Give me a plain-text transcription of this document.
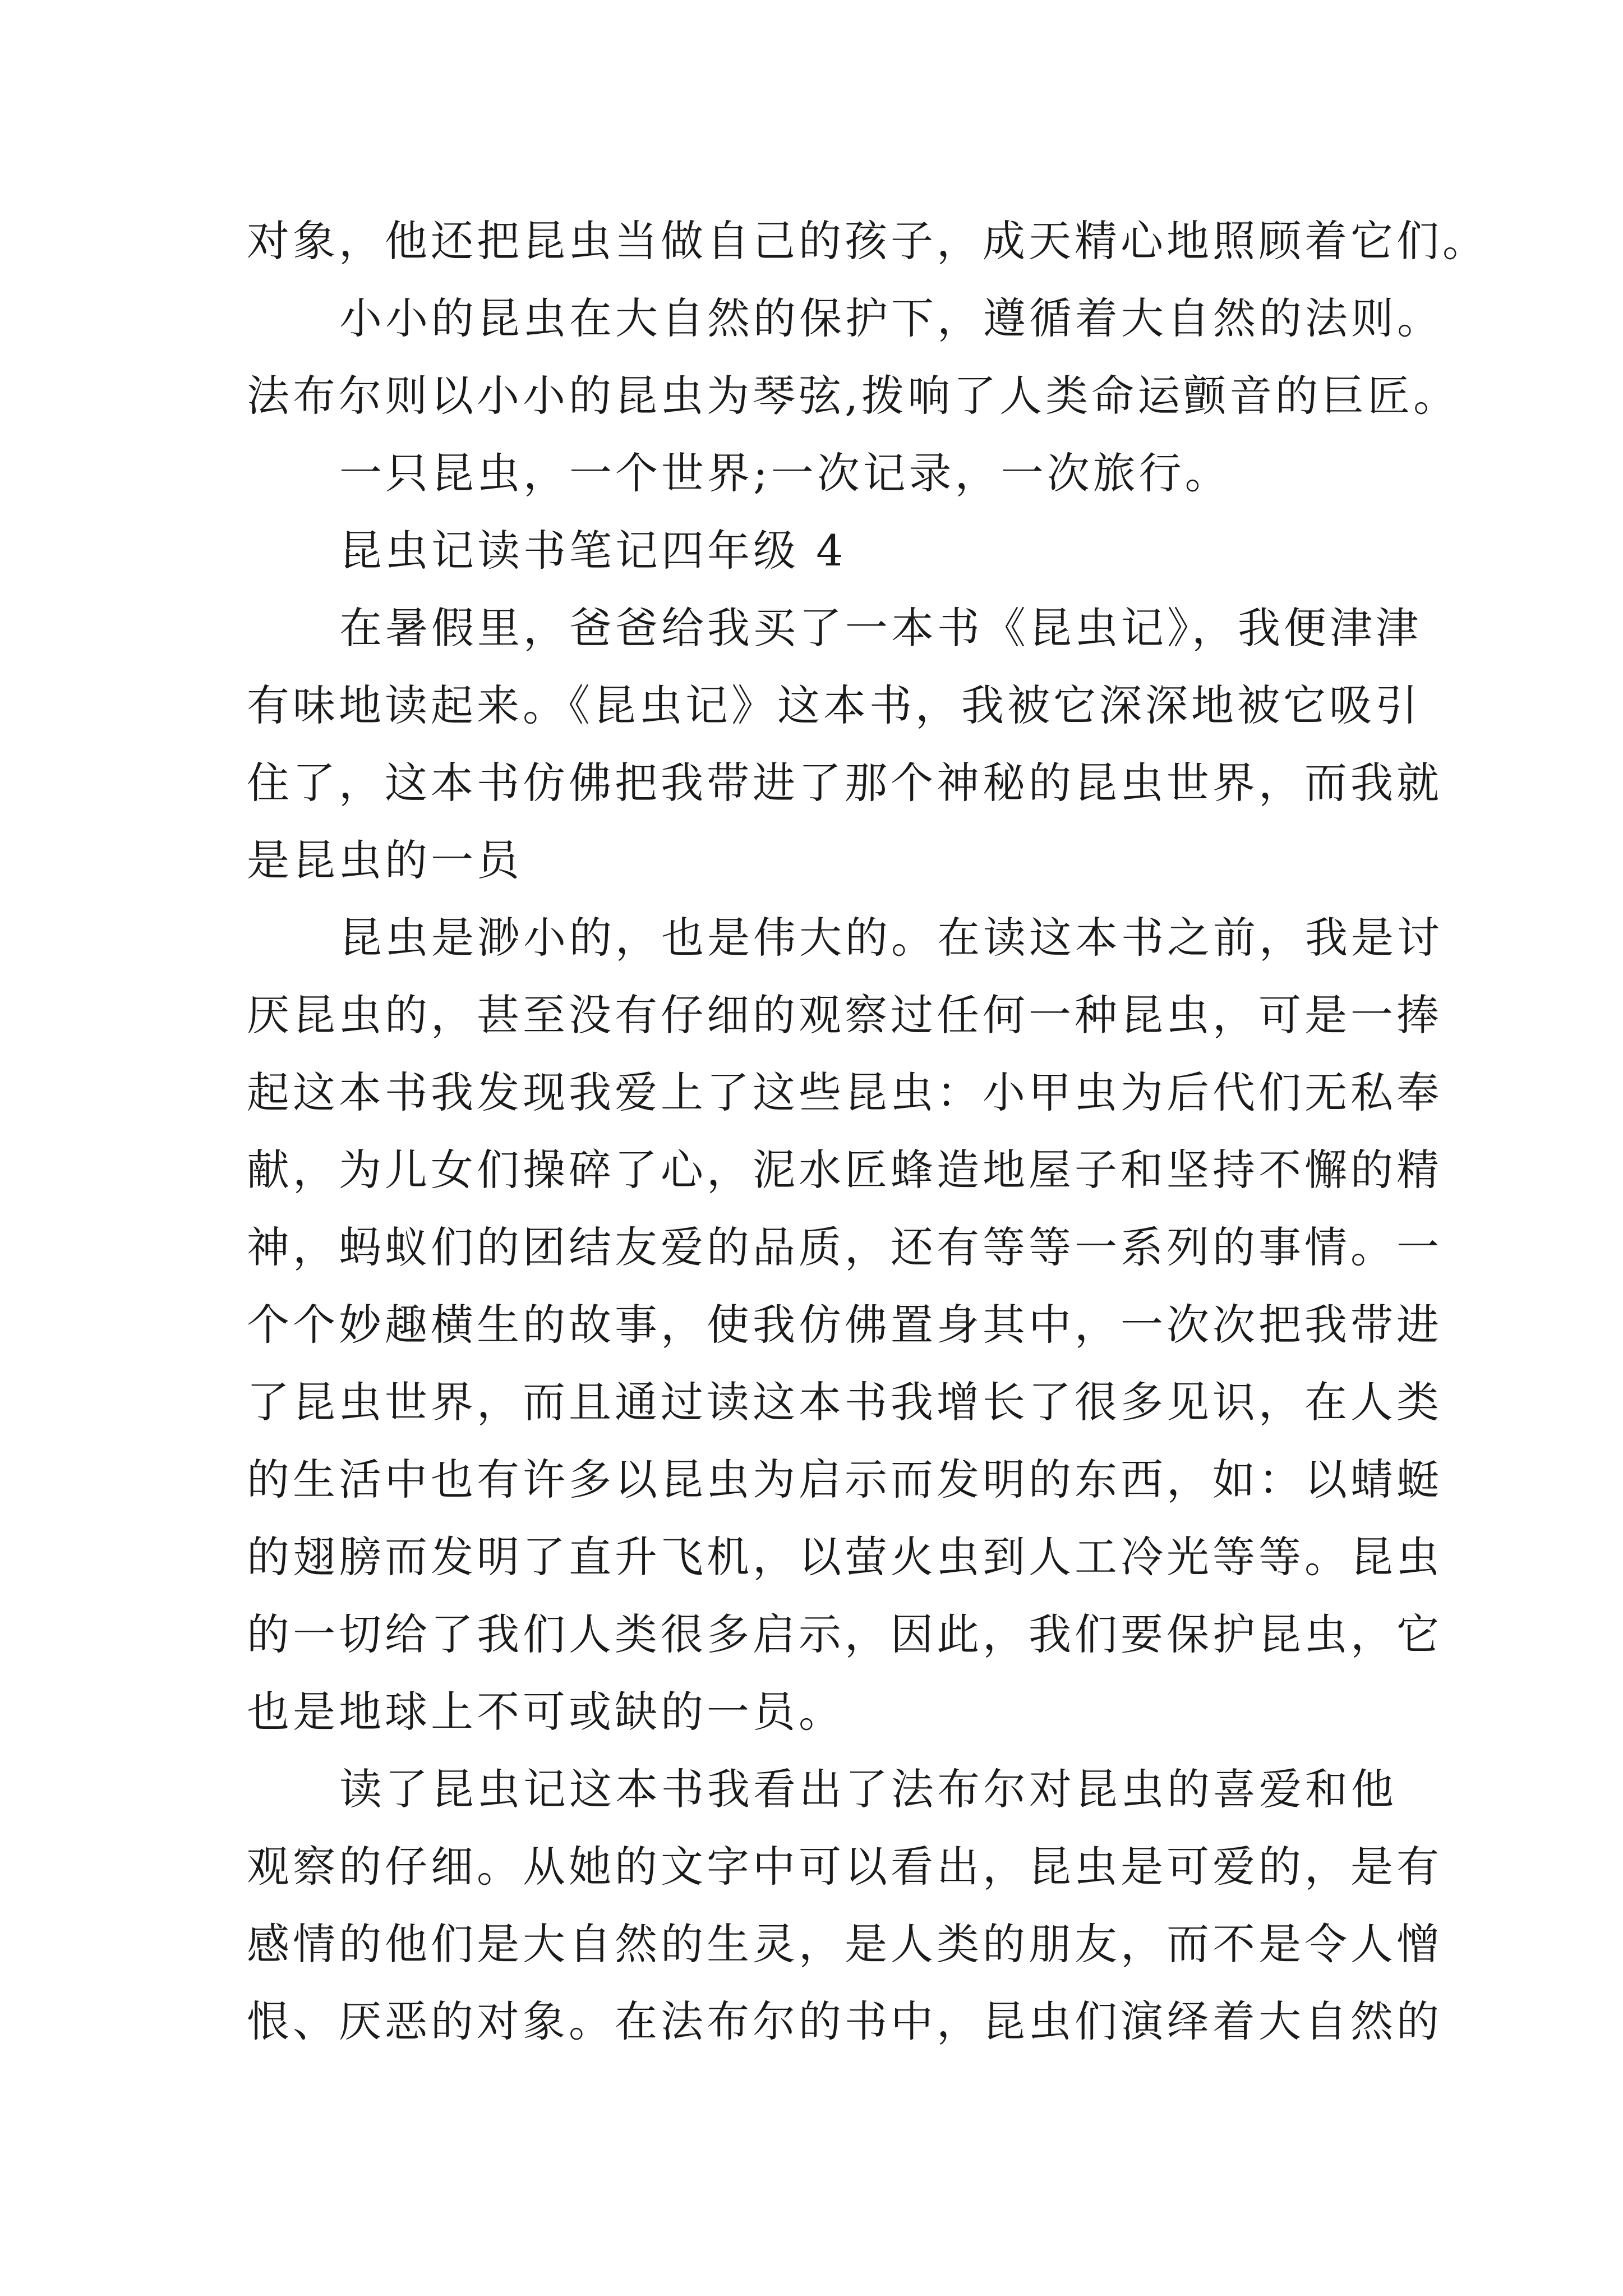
对象，他还把昆虫当做自己的孩子，成天精心地照顾着它们。
小小的昆虫在大自然的保护下，遵循着大自然的法则。
法布尔则以小小的昆虫为琴弦,拨响了人类命运颤音的巨匠。
一只昆虫，一个世界;一次记录，一次旅行。
昆虫记读书笔记四年级 4
在暑假里，爸爸给我买了一本书《昆虫记》，我便津津
有味地读起来。《昆虫记》这本书，我被它深深地被它吸引
住了，这本书仿佛把我带进了那个神秘的昆虫世界，而我就
是昆虫的一员
昆虫是渺小的，也是伟大的。在读这本书之前，我是讨
厌昆虫的，甚至没有仔细的观察过任何一种昆虫，可是一捧
起这本书我发现我爱上了这些昆虫：小甲虫为后代们无私奉
献，为儿女们操碎了心，泥水匠蜂造地屋子和坚持不懈的精
神，蚂蚁们的团结友爱的品质，还有等等一系列的事情。一
个个妙趣横生的故事，使我仿佛置身其中，一次次把我带进
了昆虫世界，而且通过读这本书我增长了很多见识，在人类
的生活中也有许多以昆虫为启示而发明的东西，如：以蜻蜓
的翅膀而发明了直升飞机，以萤火虫到人工冷光等等。昆虫
的一切给了我们人类很多启示，因此，我们要保护昆虫，它
也是地球上不可或缺的一员。
读了昆虫记这本书我看出了法布尔对昆虫的喜爱和他
观察的仔细。从她的文字中可以看出，昆虫是可爱的，是有
感情的他们是大自然的生灵，是人类的朋友，而不是令人憎
恨、厌恶的对象。在法布尔的书中，昆虫们演绎着大自然的
